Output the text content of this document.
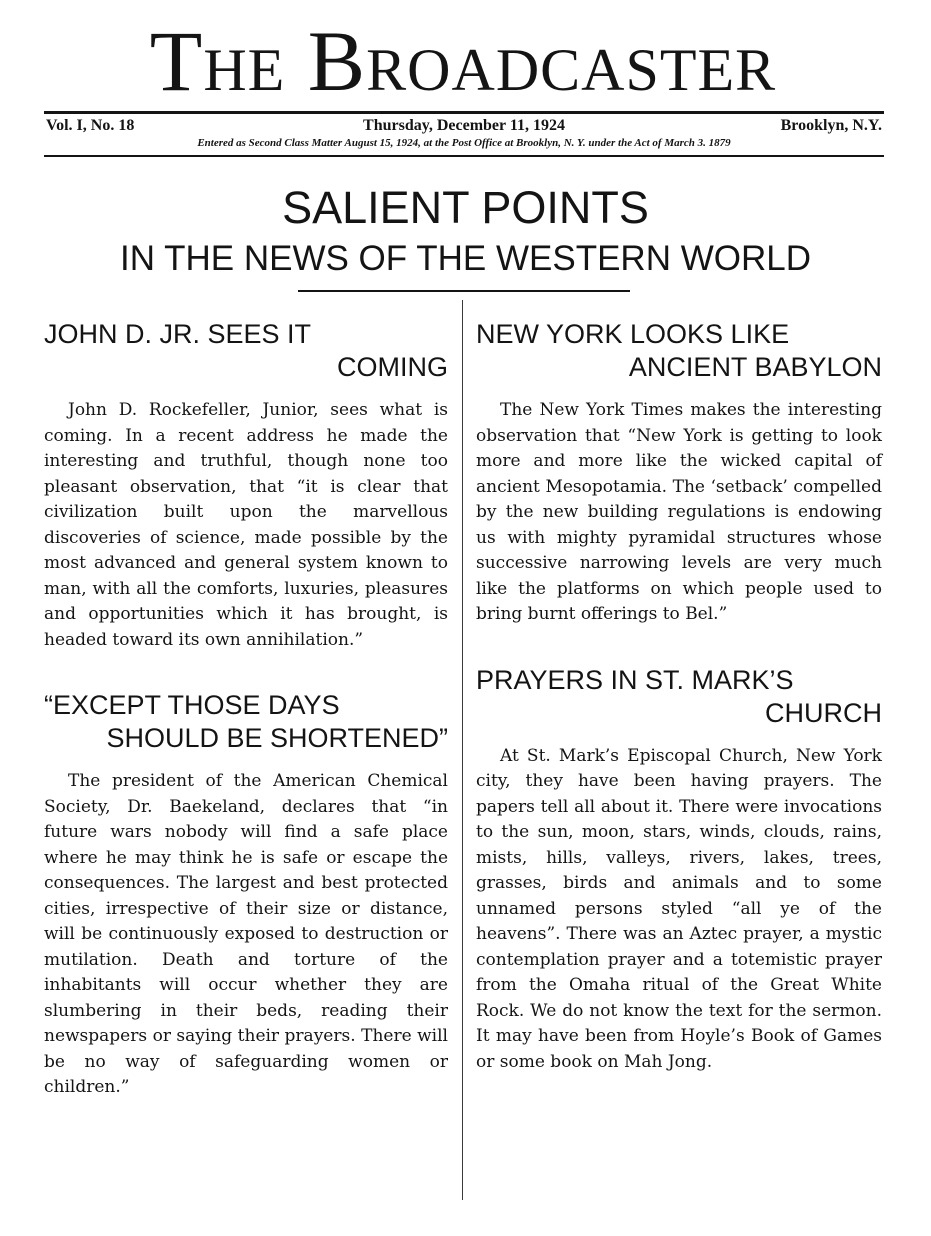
The Broadcaster
Vol. I, No. 18	Thursday, December 11, 1924	Brooklyn, N.Y.
Entered as Second Class Matter August 15, 1924, at the Post Office at Brooklyn, N. Y. under the Act of March 3. 1879
SALIENT POINTS
IN THE NEWS OF THE WESTERN WORLD
JOHN D. JR. SEES IT
COMING

John D. Rockefeller, Junior, sees what is coming. In a recent address he made the interesting and truthful, though none too pleasant observation, that “it is clear that civilization built upon the marvellous discoveries of science, made possible by the most advanced and general system known to man, with all the comforts, luxuries, pleasures and opportunities which it has brought, is headed toward its own annihilation.”

“EXCEPT THOSE DAYS
SHOULD BE SHORTENED”

The president of the American Chemical Society, Dr. Baekeland, declares that “in future wars nobody will find a safe place where he may think he is safe or escape the consequences. The largest and best protected cities, irrespective of their size or distance, will be continuously exposed to destruction or mutilation. Death and torture of the inhabitants will occur whether they are slumbering in their beds, reading their newspapers or saying their prayers. There will be no way of safeguarding women or children.”

NEW YORK LOOKS LIKE
ANCIENT BABYLON

The New York Times makes the interesting observation that “New York is getting to look more and more like the wicked capital of ancient Mesopotamia. The ‘setback’ compelled by the new building regulations is endowing us with mighty pyramidal structures whose successive narrowing levels are very much like the platforms on which people used to bring burnt offerings to Bel.”

PRAYERS IN ST. MARK’S
CHURCH

At St. Mark’s Episcopal Church, New York city, they have been having prayers. The papers tell all about it. There were invocations to the sun, moon, stars, winds, clouds, rains, mists, hills, valleys, rivers, lakes, trees, grasses, birds and animals and to some unnamed persons styled “all ye of the heavens”. There was an Aztec prayer, a mystic contemplation prayer and a totemistic prayer from the Omaha ritual of the Great White Rock. We do not know the text for the sermon. It may have been from Hoyle’s Book of Games or some book on Mah Jong.
